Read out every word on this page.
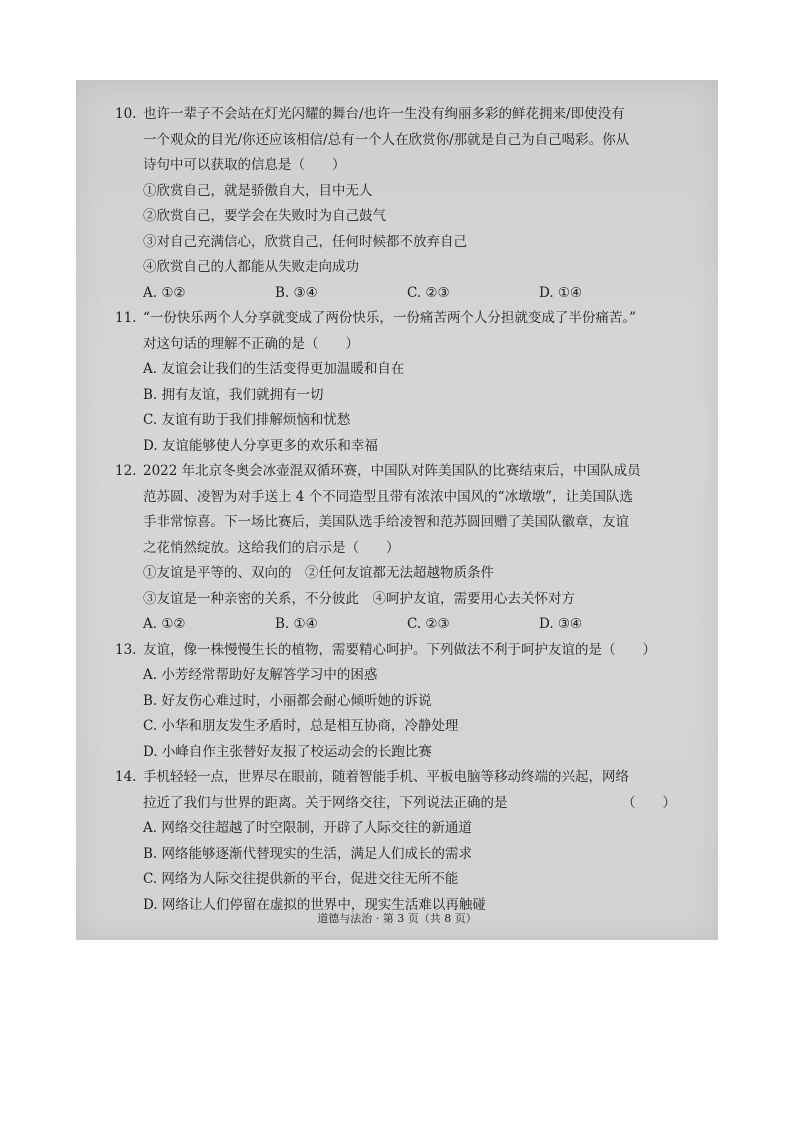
10. 也许一辈子不会站在灯光闪耀的舞台/也许一生没有绚丽多彩的鲜花拥来/即使没有
一个观众的目光/你还应该相信/总有一个人在欣赏你/那就是自己为自己喝彩。你从
诗句中可以获取的信息是（　　）
①欣赏自己，就是骄傲自大，目中无人
②欣赏自己，要学会在失败时为自己鼓气
③对自己充满信心，欣赏自己，任何时候都不放弃自己
④欣赏自己的人都能从失败走向成功
A. ①②	B. ③④	C. ②③	D. ①④
11. “一份快乐两个人分享就变成了两份快乐，一份痛苦两个人分担就变成了半份痛苦。”
对这句话的理解不正确的是（　　）
A. 友谊会让我们的生活变得更加温暖和自在
B. 拥有友谊，我们就拥有一切
C. 友谊有助于我们排解烦恼和忧愁
D. 友谊能够使人分享更多的欢乐和幸福
12. 2022 年北京冬奥会冰壶混双循环赛，中国队对阵美国队的比赛结束后，中国队成员
范苏圆、凌智为对手送上 4 个不同造型且带有浓浓中国风的“冰墩墩”，让美国队选
手非常惊喜。下一场比赛后，美国队选手给凌智和范苏圆回赠了美国队徽章，友谊
之花悄然绽放。这给我们的启示是（　　）
①友谊是平等的、双向的　②任何友谊都无法超越物质条件
③友谊是一种亲密的关系，不分彼此　④呵护友谊，需要用心去关怀对方
A. ①②	B. ①④	C. ②③	D. ③④
13. 友谊，像一株慢慢生长的植物，需要精心呵护。下列做法不利于呵护友谊的是（　　）
A. 小芳经常帮助好友解答学习中的困惑
B. 好友伤心难过时，小丽都会耐心倾听她的诉说
C. 小华和朋友发生矛盾时，总是相互协商，冷静处理
D. 小峰自作主张替好友报了校运动会的长跑比赛
14. 手机轻轻一点，世界尽在眼前，随着智能手机、平板电脑等移动终端的兴起，网络
拉近了我们与世界的距离。关于网络交往，下列说法正确的是	（　　）
A. 网络交往超越了时空限制，开辟了人际交往的新通道
B. 网络能够逐渐代替现实的生活，满足人们成长的需求
C. 网络为人际交往提供新的平台，促进交往无所不能
D. 网络让人们停留在虚拟的世界中，现实生活难以再触碰
道德与法治 · 第 3 页（共 8 页）
